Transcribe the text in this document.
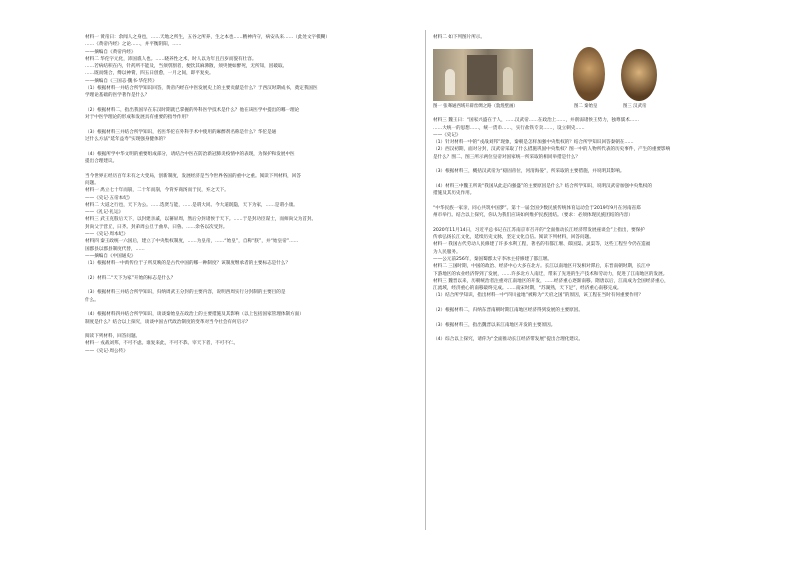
材料一 黄帝曰：余闻人之身也，……天地之所生，五谷之所养，生之本也……精神内守，病安从来……（此处文字模糊）

……《黄帝内经》之论……，并平衡阴阳，……

——摘编自《黄帝内经》

材料二 华佗字元化，沛国谯人也。……晓养性之术，时人以为年且百岁而貌有壮容。

……若病结积在内，针药所不能及，当须刳割者，便饮其麻沸散，须臾便如醉死，无所知，因破取。

……既而缝合，傅以神膏，四五日创愈，一月之间，即平复矣。

——摘编自《三国志·魏书·华佗传》

（1）根据材料一并结合所学知识回答，黄帝内经在中医发展史上的主要贡献是什么？于西汉时期成书，奠定我国医

学理论基础的医学著作是什么？

（2）根据材料二，指出我国早在东汉时期就已掌握的外科医学技术是什么？他在该医学中提出的哪一理论

对于中医学理论的形成和发展具有重要的指导作用？

（3）根据材料三并结合所学知识，名医华佗在外科手术中使用的麻醉剂名称是什么？华佗是通

过什么方法“延年益寿”实现强身健体的？

（4）根据所学中华文明的重要组成部分，请结合中医在防治新冠肺炎疫情中的表现，为保护和发展中医

提出合理建议。

当今世界正经历百年未有之大变局，创新制度，发展经济是当今世界各国的重中之重。阅读下列材料，回答

问题。

材料一 禹立七十年而崩，二十年而崩，今背弃商汤而于民，弃之天下。

——《史记·五帝本纪》

材料二 大道之行也，天下为公。……选贤与能，……是谓大同。今大道既隐，天下为家，……是谓小康。

——《礼记·礼运》

材料三 武王克殷后天下，以封建亲戚，以蕃屏周，然后分封诸侯于天下。……于是封功臣谋士，而师尚父为首封。

封尚父于营丘，曰齐。封弟周公旦于曲阜，曰鲁。……余各以次受封。

——《史记·周本纪》

材料四 秦王政统一六国后，建立了中央集权制度，……为皇帝，……“始皇”，自称“朕”，并“始皇帝”……

国郡县以郡县制度代替，……

——摘编自《中国通史》

（1）根据材料一中禹传位于子所反映的是古代中国的哪一种制度？该制度继承者的主要标志是什么？

（2）材料二“天下为家”开始的标志是什么？

（3）根据材料三并结合所学知识，归纳周武王分封的主要内容，说明西周实行分封制的主要目的是

什么。

（4）根据材料四并结合所学知识，谈谈秦始皇在政治上的主要措施及其影响（以上包括国家管理体制方面）

制度是什么？结合以上探究，谈谈中国古代政治制度的变革对当今社会有何启示？

阅读下列材料，回答问题。

材料一 戎战刘邦，不可不虑。谁复来此，不可不恭。宰天下者，不可不仁。

——《史记·周公传》

材料二 如下列图片所示。

图一 张骞通西域开辟丝绸之路（敦煌壁画）	图二 秦始皇	图三 汉武帝

材料三 魏王曰：“国家兴盛在于人，……汉武帝……在政治上……，并削弱诸侯王势力，独尊儒术……

……大统一的思想……，统一货币……，实行盐铁专卖……，设立刺史……

——《史记》

（1）针对材料一中的“戎战刘邦”现象，秦朝是怎样加强中央集权的？结合所学知识回答秦朝在……

（2）西汉初期，面对分封，汉武帝采取了什么措施巩固中央集权？图一中的人物所代表的历史事件，产生的重要影响

是什么？图二、图三所示两位皇帝对国家统一所采取的相同举措是什么？

（3）根据材料三，概括汉武帝为“稳固帝位，河清海晏”，所采取的主要措施，并说明其影响。

（4）材料三中魏王所说“我国从此走向强盛”的主要原因是什么？结合所学知识，说明汉武帝加强中央集权的

措施及其历史作用。

“中华民族一家亲，同心共筑中国梦”。第十一届全国少数民族传统体育运动会于2019年9月在河南省郑

州市举行。结合以上探究，你认为我们应该如何维护民族团结。（要求：必须体现民族团结的内容）

2020年11月14日，习近平总书记在江苏南京市召开的“全面推动长江经济带发展座谈会”上指出，要保护

传承弘扬长江文化，延续历史文脉，坚定文化自信。阅读下列材料，回答问题。

材料一 我国古代劳动人民修建了许多水利工程，著名的有都江堰、郑国渠、灵渠等，这些工程至今仍在造福

为人民服务。

——公元前256年，秦国蜀郡太守李冰主持修建了都江堰。

材料二 三国时期，中国的政治、经济中心大多在北方。长江以南地区开发相对滞后，东晋南朝时期，长江中

下游地区的农业经济得到了发展，……许多北方人南迁，带来了先进的生产技术和劳动力，促进了江南地区的发展。

材料三 魏晋以来，历朝统治者注重对江南地区的开发，……经济重心逐渐南移。隋唐以后，江南成为全国经济重心，

江流域，经济重心的南移最终完成。……南宋时期，“苏湖熟，天下足”，经济重心南移完成。

（1）结合所学知识，指出材料一中“四川盆地”被称为“天府之国”的原因，该工程在当时有何重要作用？

（2）根据材料二，归纳东晋南朝时期江南地区经济得到发展的主要原因。

（3）根据材料三，指出魏晋以来江南地区开发的主要原因。

（4）综合以上探究，请你为“全面推动长江经济带发展”提出合理化建议。
